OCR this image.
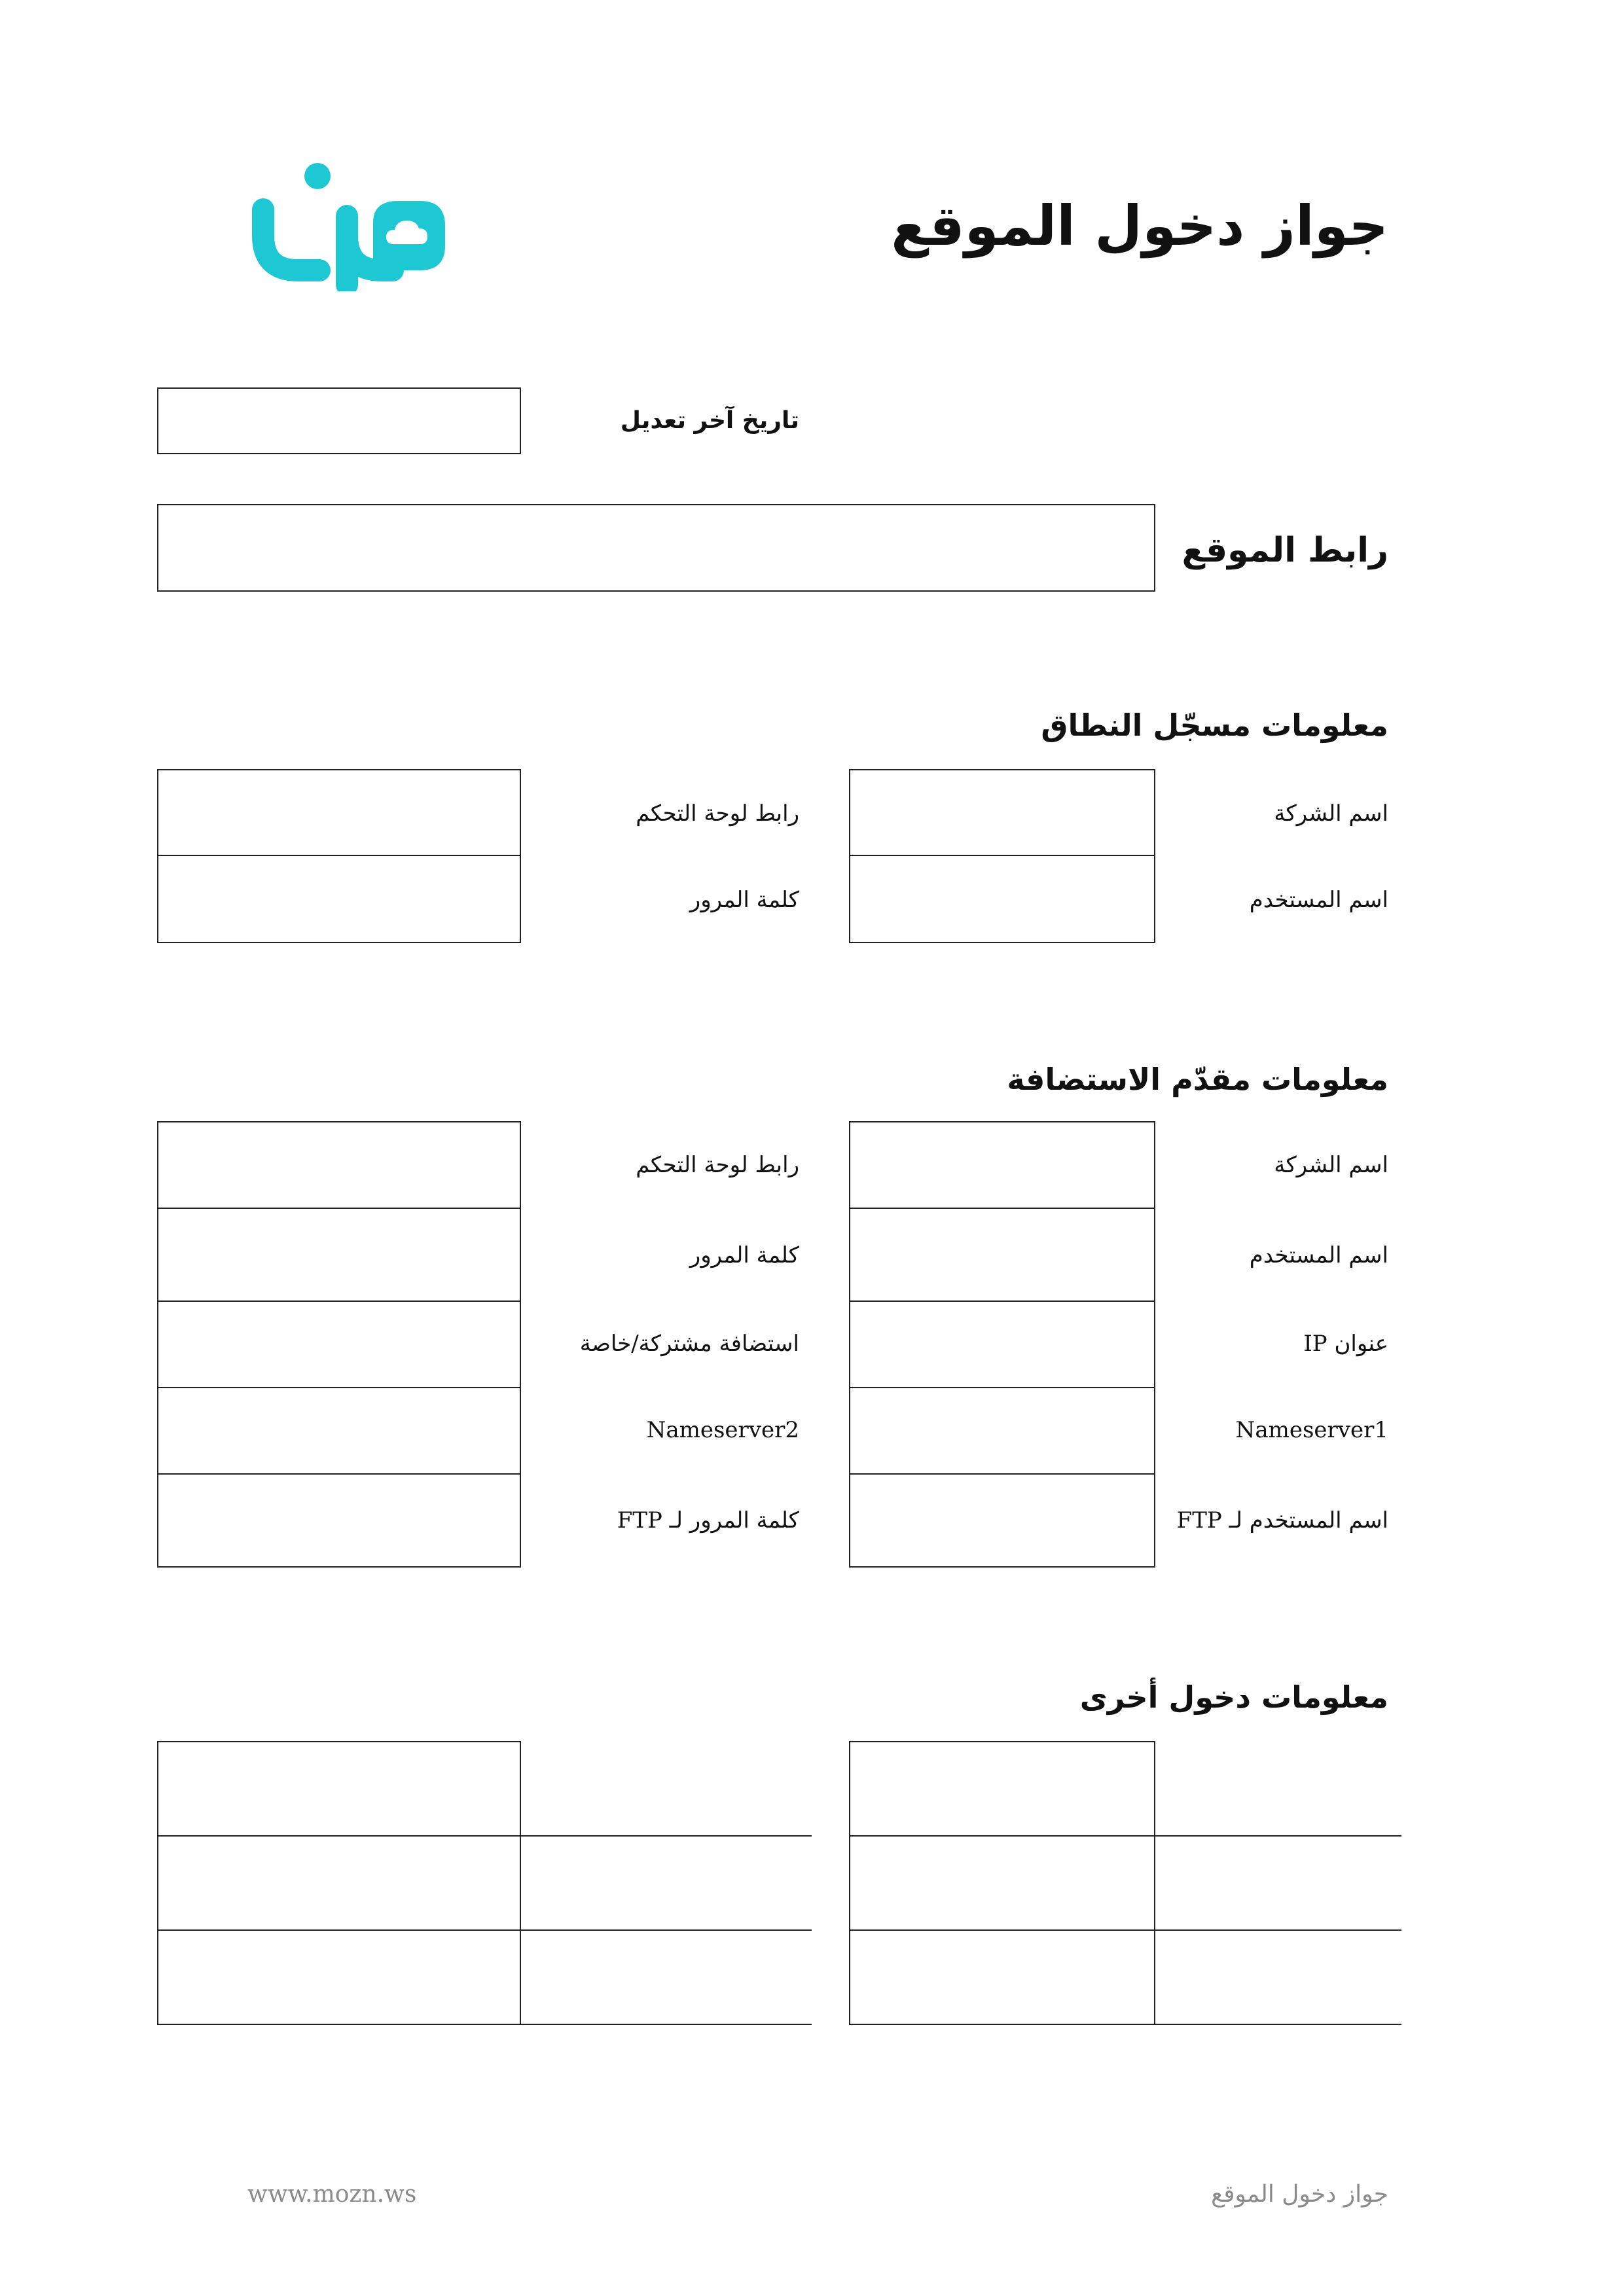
جواز دخول الموقع
تاريخ آخر تعديل
رابط الموقع
معلومات مسجّل النطاق
اسم الشركة
اسم المستخدم
رابط لوحة التحكم
كلمة المرور
معلومات مقدّم الاستضافة
اسم الشركة
اسم المستخدم
عنوان IP
Nameserver1
اسم المستخدم لـ FTP
رابط لوحة التحكم
كلمة المرور
استضافة مشتركة/خاصة
Nameserver2
كلمة المرور لـ FTP
معلومات دخول أخرى
جواز دخول الموقع
www.mozn.ws
